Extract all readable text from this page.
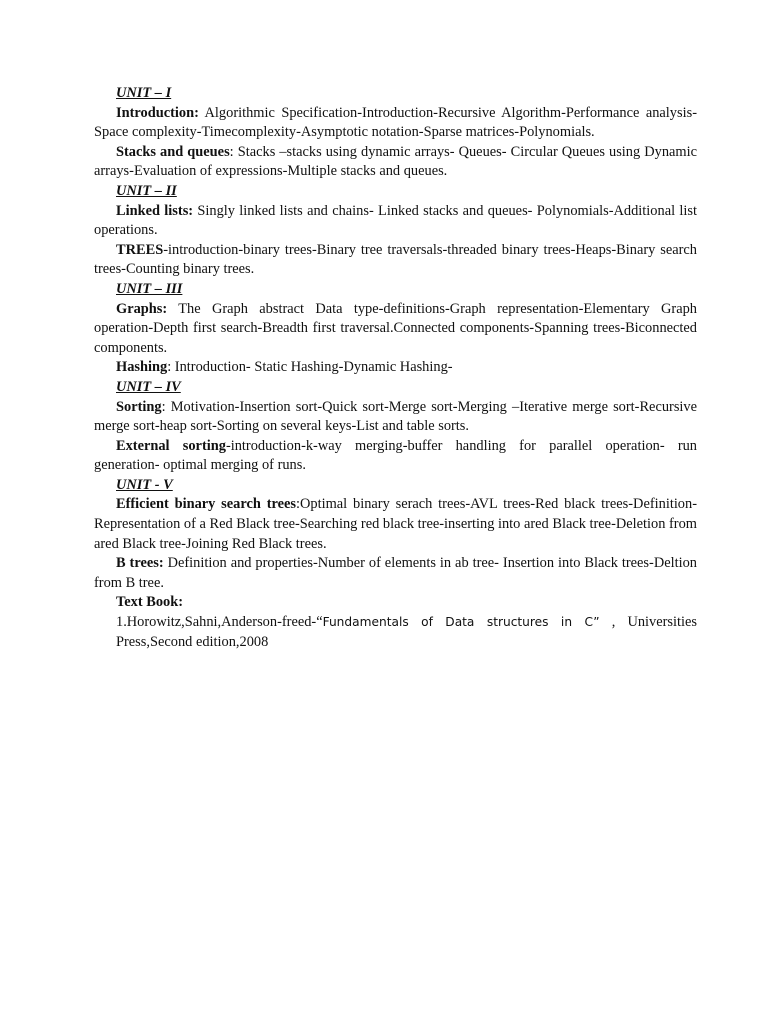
UNIT – I
Introduction: Algorithmic Specification-Introduction-Recursive Algorithm-Performance analysis-Space complexity-Timecomplexity-Asymptotic notation-Sparse matrices-Polynomials.
Stacks and queues: Stacks –stacks using dynamic arrays- Queues- Circular Queues using Dynamic arrays-Evaluation of expressions-Multiple stacks and queues.
UNIT – II
Linked lists: Singly linked lists and chains- Linked stacks and queues- Polynomials-Additional list operations.
TREES-introduction-binary trees-Binary tree traversals-threaded binary trees-Heaps-Binary search trees-Counting binary trees.
UNIT – III
Graphs: The Graph abstract Data type-definitions-Graph representation-Elementary Graph operation-Depth first search-Breadth first traversal.Connected components-Spanning trees-Biconnected components.
Hashing: Introduction- Static Hashing-Dynamic Hashing-
UNIT – IV
Sorting: Motivation-Insertion sort-Quick sort-Merge sort-Merging –Iterative merge sort-Recursive merge sort-heap sort-Sorting on several keys-List and table sorts.
External sorting-introduction-k-way merging-buffer handling for parallel operation- run generation- optimal merging of runs.
UNIT - V
Efficient binary search trees:Optimal binary serach trees-AVL trees-Red black trees-Definition-Representation of a Red Black tree-Searching red black tree-inserting into ared Black tree-Deletion from ared Black tree-Joining Red Black trees.
B trees: Definition and properties-Number of elements in ab tree- Insertion into Black trees-Deltion from B tree.
Text Book:
1.Horowitz,Sahni,Anderson-freed-“Fundamentals of Data structures in C” , Universities Press,Second edition,2008
